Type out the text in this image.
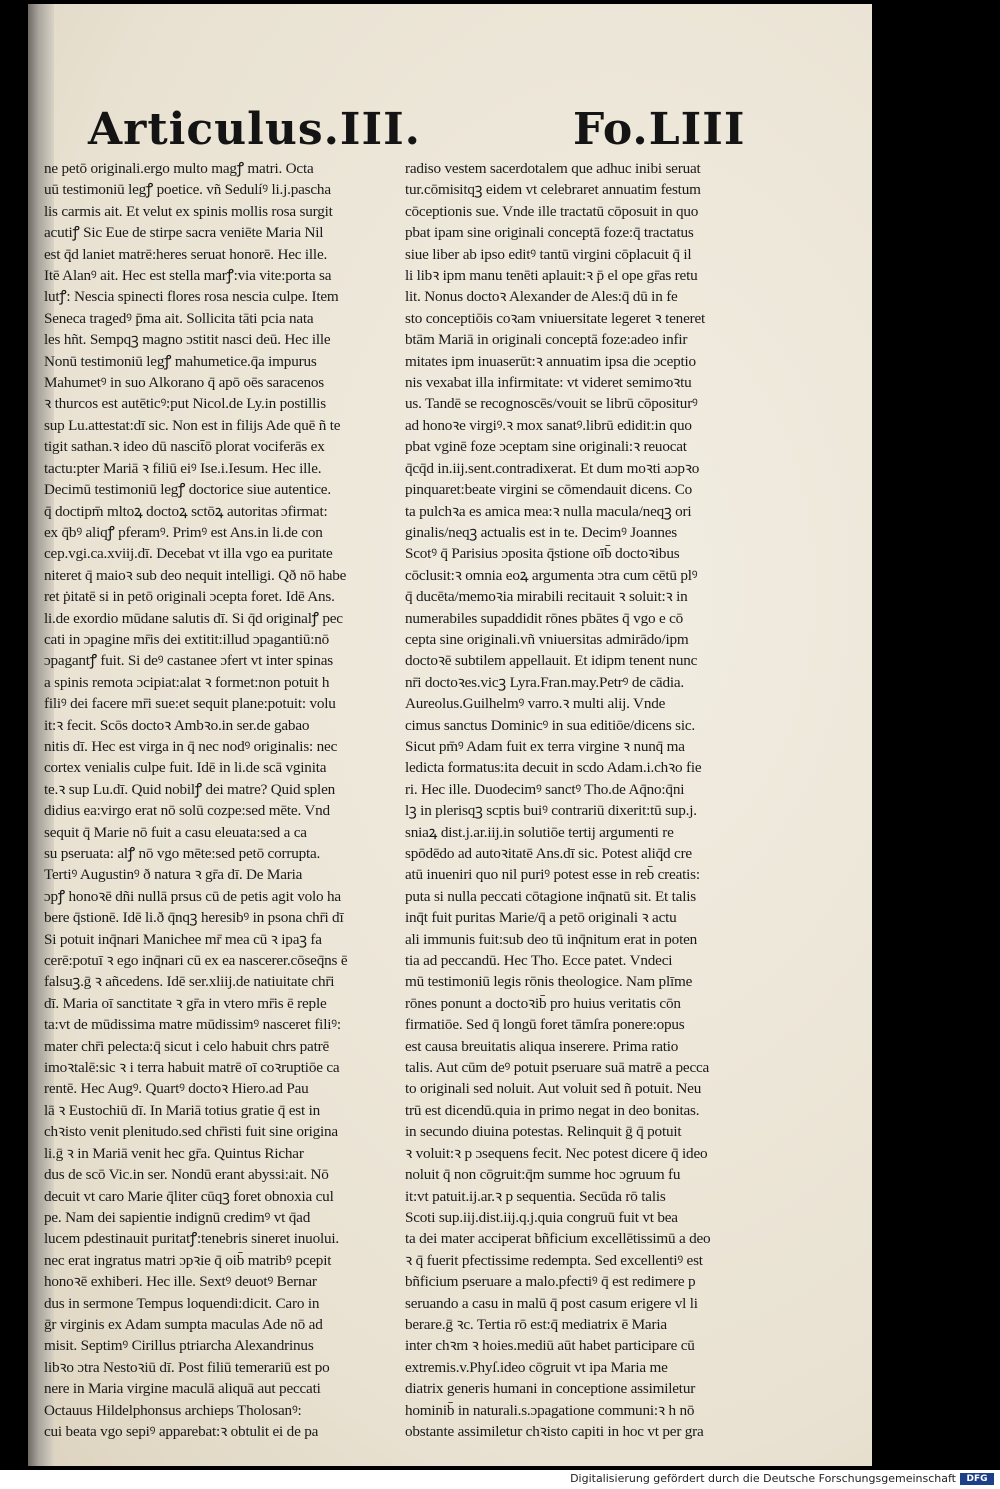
Articulus.III.	Fo.LIII
ne petō originali.ergo multo magꝭ matri. Octa
uū testimoniū legꝭ poetice. vñ Sedulíꝰ li.j.pascha
lis carmis ait. Et velut ex spinis mollis rosa surgit
acutiꝭ Sic Eue de stirpe sacra veniēte Maria Nil
est q̄d laniet matrē:heres seruat honorē. Hec ille.
Itē Alanꝰ ait. Hec est stella marꝭ:via vite:porta sa
lutꝭ: Nescia spinecti flores rosa nescia culpe. Item
Seneca tragedꝰ p̄ma ait. Sollicita tāti pcia nata
les hñt. Sempqꝫ magno ɔstitit nasci deū. Hec ille
Nonū testimoniū legꝭ mahumetice.q̄a impurus
Mahumetꝰ in suo Alkorano q̄ apō oēs saracenos
ꝛ thurcos est autēticꝰ:put Nicol.de Ly.in postillis
sup Lu.attestat:dī sic. Non est in filijs Ade quē ñ te
tigit sathan.ꝛ ideo dū nascit̄ō plorat vociferās ex
tactu:pter Mariā ꝛ filiū eiꝰ Ise.i.Iesum. Hec ille.
Decimū testimoniū legꝭ doctorice siue autentice.
q̄ doctipm̄ mltoꝝ doctoꝝ sctōꝝ autoritas ɔfirmat:
ex q̄bꝰ aliqꝭ pferamꝰ. Primꝰ est Ans.in li.de con
cep.vgi.ca.xviij.dī. Decebat vt illa vgo ea puritate
niteret q̄ maioꝛ sub deo nequit intelligi. Qð nō habe
ret ṗitatē si in petō originali ɔcepta foret. Idē Ans.
li.de exordio mūdane salutis dī. Si q̄d originalꝭ pec
cati in ɔpagine mr̄is dei extitit:illud ɔpagantiū:nō
ɔpagantꝭ fuit. Si deꝰ castanee ɔfert vt inter spinas
a spinis remota ɔcipiat:alat ꝛ formet:non potuit h
filiꝰ dei facere mr̄i sue:et sequit plane:potuit: volu
it:ꝛ fecit. Scōs doctoꝛ Ambꝛo.in ser.de gabao
nitis dī. Hec est virga in q̄ nec nodꝰ originalis: nec
cortex venialis culpe fuit. Idē in li.de scā vginita
te.ꝛ sup Lu.dī. Quid nobilꝭ dei matre? Quid splen
didius ea:virgo erat nō solū cozpe:sed mēte. Vnd
sequit q̄ Marie nō fuit a casu eleuata:sed a ca
su pseruata: alꝭ nō vgo mēte:sed petō corrupta.
Tertiꝰ Augustinꝰ ð natura ꝛ gr̄a dī. De Maria
ɔpꝭ honoꝛē dñi nullā prsus cū de petis agit volo ha
bere q̄stionē. Idē li.ð q̄nqꝫ heresibꝰ in psona chr̄i dī
Si potuit inq̄nari Manichee mr̄ mea cū ꝛ ipaꝫ fa
cerē:potuī ꝛ ego inq̄nari cū ex ea nascerer.cōseq̄ns ē
falsuꝫ.ḡ ꝛ añcedens. Idē ser.xliij.de natiuitate chr̄i
dī. Maria oī sanctitate ꝛ gr̄a in vtero mr̄is ē reple
ta:vt de mūdissima matre mūdissimꝰ nasceret filiꝰ:
mater chr̄i pelecta:q̄ sicut i celo habuit chrs patrē
imoꝛtalē:sic ꝛ i terra habuit matrē oī coꝛruptiōe ca
rentē. Hec Augꝰ. Quartꝰ doctoꝛ Hiero.ad Pau
lā ꝛ Eustochiū dī. In Mariā totius gratie q̄ est in
chꝛisto venit plenitudo.sed chr̄isti fuit sine origina
li.ḡ ꝛ in Mariā venit hec gr̄a. Quintus Richar
dus de scō Vic.in ser. Nondū erant abyssi:ait. Nō
decuit vt caro Marie q̄liter cūqꝫ foret obnoxia cul
pe. Nam dei sapientie indignū credimꝰ vt q̄ad
lucem pdestinauit puritatꝭ:tenebris sineret inuolui.
nec erat ingratus matri ɔpꝛie q̄ oib̄ matribꝰ pcepit
honoꝛē exhiberi. Hec ille. Sextꝰ deuotꝰ Bernar
dus in sermone Tempus loquendi:dicit. Caro in
ḡr virginis ex Adam sumpta maculas Ade nō ad
misit. Septimꝰ Cirillus ptriarcha Alexandrinus
libꝛo ɔtra Nestoꝛiū dī. Post filiū temerariū est po
nere in Maria virgine maculā aliquā aut peccati
Octauus Hildelphonsus archieps Tholosanꝰ:
cui beata vgo sepiꝰ apparebat:ꝛ obtulit ei de pa
radiso vestem sacerdotalem que adhuc inibi seruat
tur.cōmisitqꝫ eidem vt celebraret annuatim festum
cōceptionis sue. Vnde ille tractatū cōposuit in quo
pbat ipam sine originali conceptā foze:q̄ tractatus
siue liber ab ipso editꝰ tantū virgini cōplacuit q̄ il
li libꝛ ipm manu tenēti aplauit:ꝛ p̄ el ope gr̄as retu
lit. Nonus doctoꝛ Alexander de Ales:q̄ dū in fe
sto conceptiōis coꝛam vniuersitate legeret ꝛ teneret
btām Mariā in originali conceptā foze:adeo infir
mitates ipm inuaserūt:ꝛ annuatim ipsa die ɔceptio
nis vexabat illa infirmitate: vt videret semimoꝛtu
us. Tandē se recognoscēs/vouit se librū cōpositurꝰ
ad honoꝛe virgiꝰ.ꝛ mox sanatꝰ.librū edidit:in quo
pbat vginē foze ɔceptam sine originali:ꝛ reuocat
q̄cq̄d in.iij.sent.contradixerat. Et dum moꝛti aɔpꝛo
pinquaret:beate virgini se cōmendauit dicens. Co
ta pulchꝛa es amica mea:ꝛ nulla macula/neqꝫ ori
ginalis/neqꝫ actualis est in te. Decimꝰ Joannes
Scotꝰ q̄ Parisius ɔposita q̄stione oīb̄ doctoꝛibus
cōclusit:ꝛ omnia eoꝝ argumenta ɔtra cum cētū plꝰ
q̄ ducēta/memoꝛia mirabili recitauit ꝛ soluit:ꝛ in
numerabiles supaddidit rōnes pbātes q̄ vgo e cō
cepta sine originali.vñ vniuersitas admirādo/ipm
doctoꝛē subtilem appellauit. Et idipm tenent nunc
nr̄i doctoꝛes.vicꝫ Lyra.Fran.may.Petrꝰ de cādia.
Aureolus.Guilhelmꝰ varro.ꝛ multi alij. Vnde
cimus sanctus Dominicꝰ in sua editiōe/dicens sic.
Sicut pm̄ꝰ Adam fuit ex terra virgine ꝛ nunq̄ ma
ledicta formatus:ita decuit in scdo Adam.i.chꝛo fie
ri. Hec ille. Duodecimꝰ sanctꝰ Tho.de Aq̄no:q̄ni
lꝫ in plerisqꝫ scptis buiꝰ contrariū dixerit:tū sup.j.
sniaꝝ dist.j.ar.iij.in solutiōe tertij argumenti re
spōdēdo ad autoꝛitatē Ans.dī sic. Potest aliq̄d cre
atū inueniri quo nil puriꝰ potest esse in reb̄ creatis:
puta si nulla peccati cōtagione inq̄natū sit. Et talis
inq̄t fuit puritas Marie/q̄ a petō originali ꝛ actu
ali immunis fuit:sub deo tū inq̄nitum erat in poten
tia ad peccandū. Hec Tho. Ecce patet. Vndeci
mū testimoniū legis rōnis theologice. Nam plīme
rōnes ponunt a doctoꝛib̄ pro huius veritatis cōn
firmatiōe. Sed q̄ longū foret tāmſra ponere:opus
est causa breuitatis aliqua inserere. Prima ratio
talis. Aut cūm deꝰ potuit pseruare suā matrē a pecca
to originali sed noluit. Aut voluit sed ñ potuit. Neu
trū est dicendū.quia in primo negat in deo bonitas.
in secundo diuina potestas. Relinquit ḡ q̄ potuit
ꝛ voluit:ꝛ p ɔsequens fecit. Nec potest dicere q̄ ideo
noluit q̄ non cōgruit:q̄m summe hoc ɔgruum fu
it:vt patuit.ij.ar.ꝛ p sequentia. Secūda rō talis
Scoti sup.iij.dist.iij.q.j.quia congruū fuit vt bea
ta dei mater acciperat bñficium excellētissimū a deo
ꝛ q̄ fuerit pfectissime redempta. Sed excellentiꝰ est
bñficium pseruare a malo.pfectiꝰ q̄ est redimere p
seruando a casu in malū q̄ post casum erigere vl li
berare.ḡ ꝛc. Tertia rō est:q̄ mediatrix ē Maria
inter chꝛm ꝛ hoies.mediū aūt habet participare cū
extremis.v.Phyſ.ideo cōgruit vt ipa Maria me
diatrix generis humani in conceptione assimiletur
hominib̄ in naturali.s.ɔpagatione communi:ꝛ h nō
obstante assimiletur chꝛisto capiti in hoc vt per gra
Digitalisierung gefördert durch die Deutsche Forschungsgemeinschaft	DFG
